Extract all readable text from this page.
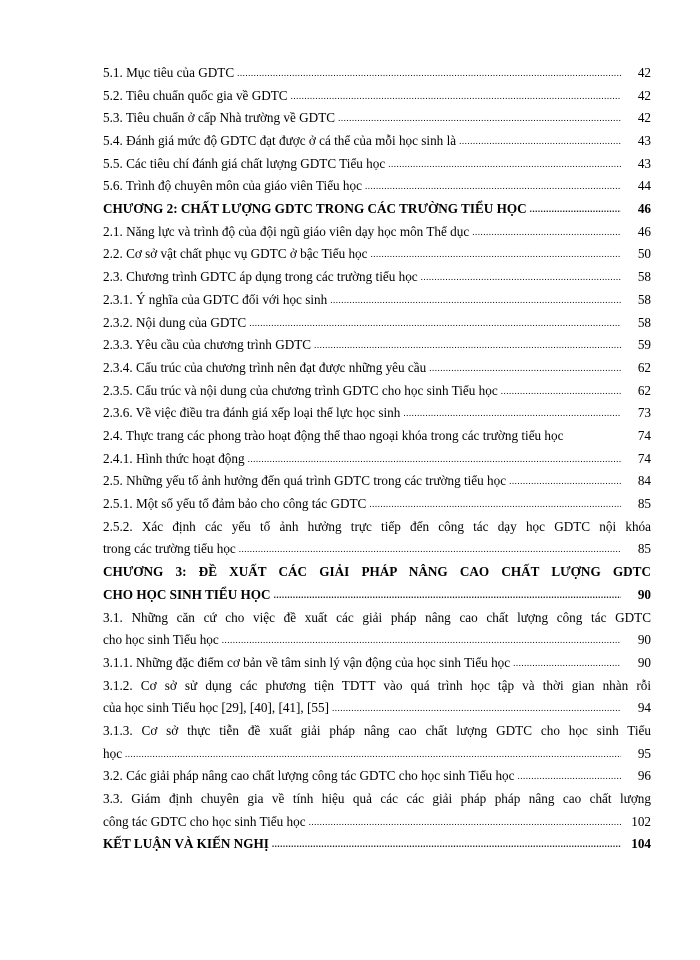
5.1. Mục tiêu của GDTC .....	42
5.2. Tiêu chuẩn quốc gia về GDTC .....	42
5.3. Tiêu chuẩn ở cấp Nhà trường về GDTC .....	42
5.4. Đánh giá mức độ GDTC đạt được ở cá thể của mỗi học sinh là .....	43
5.5. Các tiêu chí đánh giá chất lượng GDTC Tiểu học .....	43
5.6. Trình độ chuyên môn của giáo viên Tiểu học .....	44
CHƯƠNG 2: CHẤT LƯỢNG GDTC TRONG CÁC TRƯỜNG TIỂU HỌC .....	46
2.1. Năng lực và trình độ của đội ngũ giáo viên dạy học môn Thể dục .....	46
2.2. Cơ sở vật chất phục vụ GDTC ở bậc Tiểu học .....	50
2.3. Chương trình GDTC áp dụng trong các trường tiểu học .....	58
2.3.1. Ý nghĩa của GDTC đối với học sinh .....	58
2.3.2. Nội dung của GDTC .....	58
2.3.3. Yêu cầu của chương trình GDTC .....	59
2.3.4. Cấu trúc của chương trình nên đạt được những yêu cầu .....	62
2.3.5. Cấu trúc và nội dung của chương trình GDTC cho học sinh Tiểu học .....	62
2.3.6. Về việc điều tra đánh giá xếp loại thể lực học sinh .....	73
2.4. Thực trang các phong trào hoạt động thể thao ngoại khóa trong các trường tiểu học	74
2.4.1. Hình thức hoạt động .....	74
2.5. Những yếu tố ảnh hưởng đến quá trình GDTC trong các trường tiểu học .....	84
2.5.1. Một số yếu tố đảm bảo cho công tác GDTC .....	85
2.5.2. Xác định các yếu tố ảnh hưởng trực tiếp đến công tác dạy học GDTC nội khóa
trong các trường tiểu học .....	85
CHƯƠNG 3: ĐỀ XUẤT CÁC GIẢI PHÁP NÂNG CAO CHẤT LƯỢNG GDTC
CHO HỌC SINH TIỂU HỌC .....	90
3.1. Những căn cứ cho việc đề xuất các giải pháp nâng cao chất lượng công tác GDTC
cho học sinh Tiểu học .....	90
3.1.1. Những đặc điểm cơ bản về tâm sinh lý vận động của học sinh Tiểu học .....	90
3.1.2. Cơ sở sử dụng các phương tiện TDTT vào quá trình học tập và thời gian nhàn rỗi
của học sinh Tiểu học [29], [40], [41], [55] .....	94
3.1.3. Cơ sở thực tiễn đề xuất giải pháp nâng cao chất lượng GDTC cho học sinh Tiểu
học .....	95
3.2. Các giải pháp nâng cao chất lượng công tác GDTC cho học sinh Tiểu học .....	96
3.3. Giám định chuyên gia về tính hiệu quả các các giải pháp pháp nâng cao chất lượng
công tác GDTC cho học sinh Tiểu học .....	102
KẾT LUẬN VÀ KIẾN NGHỊ .....	104
